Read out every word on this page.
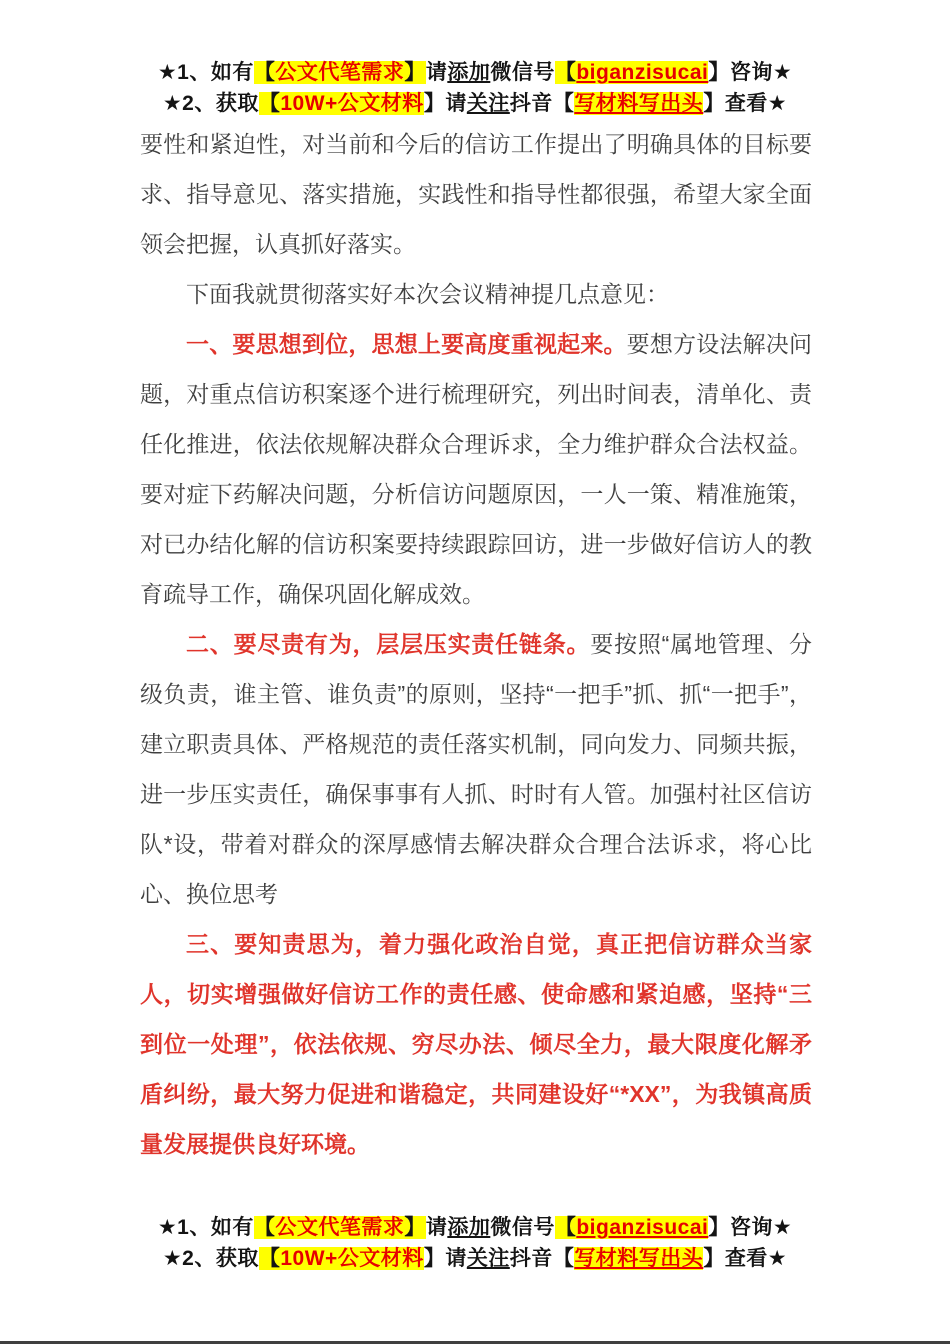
★1、如有【公文代笔需求】请添加微信号【biganzisucai】咨询★
★2、获取【10W+公文材料】请关注抖音【写材料写出头】查看★

要性和紧迫性，对当前和今后的信访工作提出了明确具体的目标要求、指导意见、落实措施，实践性和指导性都很强，希望大家全面领会把握，认真抓好落实。

下面我就贯彻落实好本次会议精神提几点意见：

一、要思想到位，思想上要高度重视起来。要想方设法解决问题，对重点信访积案逐个进行梳理研究，列出时间表，清单化、责任化推进，依法依规解决群众合理诉求，全力维护群众合法权益。要对症下药解决问题，分析信访问题原因，一人一策、精准施策，对已办结化解的信访积案要持续跟踪回访，进一步做好信访人的教育疏导工作，确保巩固化解成效。

二、要尽责有为，层层压实责任链条。要按照“属地管理、分级负责，谁主管、谁负责”的原则，坚持“一把手”抓、抓“一把手”，建立职责具体、严格规范的责任落实机制，同向发力、同频共振，进一步压实责任，确保事事有人抓、时时有人管。加强村社区信访队*设，带着对群众的深厚感情去解决群众合理合法诉求，将心比心、换位思考

三、要知责思为，着力强化政治自觉，真正把信访群众当家人，切实增强做好信访工作的责任感、使命感和紧迫感，坚持“三到位一处理”，依法依规、穷尽办法、倾尽全力，最大限度化解矛盾纠纷，最大努力促进和谐稳定，共同建设好“*XX”，为我镇高质量发展提供良好环境。

★1、如有【公文代笔需求】请添加微信号【biganzisucai】咨询★
★2、获取【10W+公文材料】请关注抖音【写材料写出头】查看★
